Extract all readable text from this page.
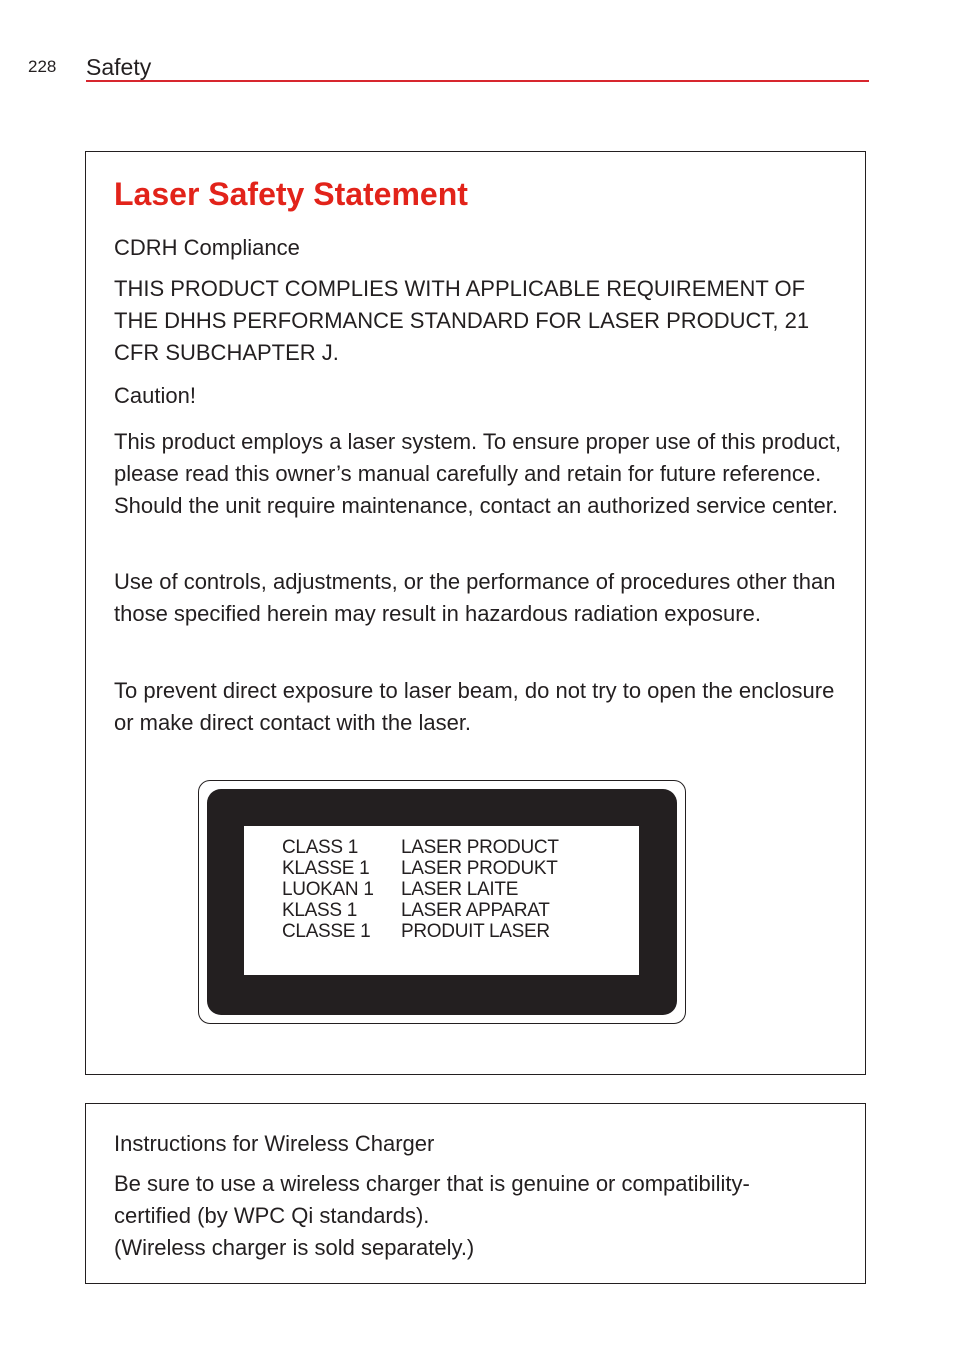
228 Safety
Laser Safety Statement
CDRH Compliance

THIS PRODUCT COMPLIES WITH APPLICABLE REQUIREMENT OF THE DHHS PERFORMANCE STANDARD FOR LASER PRODUCT, 21 CFR SUBCHAPTER J.

Caution!

This product employs a laser system. To ensure proper use of this product, please read this owner’s manual carefully and retain for future reference. Should the unit require maintenance, contact an authorized service center.

Use of controls, adjustments, or the performance of procedures other than those specified herein may result in hazardous radiation exposure.

To prevent direct exposure to laser beam, do not try to open the enclosure or make direct contact with the laser.

CLASS 1 LASER PRODUCT
KLASSE 1 LASER PRODUKT
LUOKAN 1 LASER LAITE
KLASS 1 LASER APPARAT
CLASSE 1 PRODUIT LASER
Instructions for Wireless Charger

Be sure to use a wireless charger that is genuine or compatibility-

certified (by WPC Qi standards).

(Wireless charger is sold separately.)
